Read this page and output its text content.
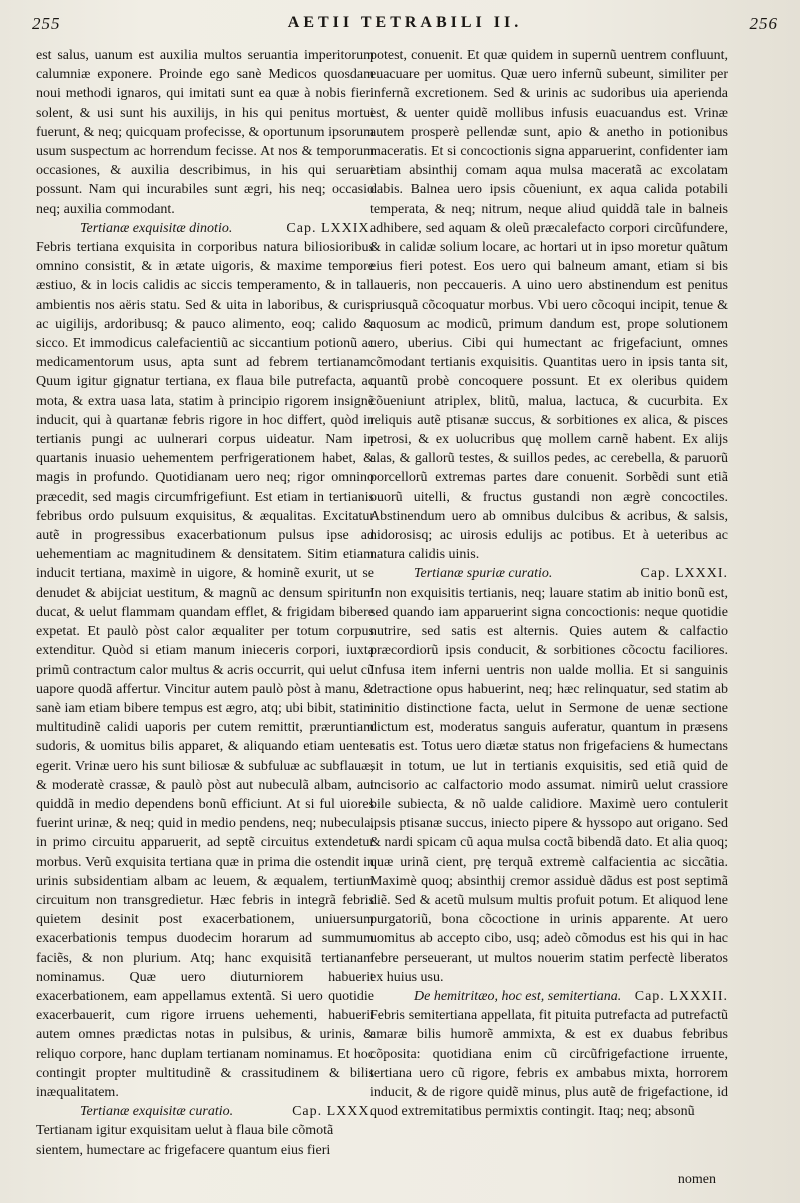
255	AETII TETRABILI II.	256

est salus, uanum est auxilia multos seruantia imperitorum calumniæ exponere. Proinde ego sanè Medicos quosdam noui methodi ignaros, qui imitati sunt ea quæ à nobis fieri solent, & usi sunt his auxilijs, in his qui penitus mortui fuerunt, & neq; quicquam profecisse, & oportunum ipsorum usum suspectum ac horrendum fecisse. At nos & temporum occasiones, & auxilia describimus, in his qui seruari possunt. Nam qui incurabiles sunt ægri, his neq; occasio neq; auxilia commodant.

Tertianæ exquisitæ dinotio.	Cap. LXXIX.

Febris tertiana exquisita in corporibus natura biliosioribus omnino consistit, & in ætate uigoris, & maxime tempore æstiuo, & in locis calidis ac siccis temperamento, & in tali ambientis nos aëris statu. Sed & uita in laboribus, & curis, ac uigilijs, ardoribusq; & pauco alimento, eoq; calido & sicco. Et immodicus calefacientiũ ac siccantium potionũ ac medicamentorum usus, apta sunt ad febrem tertianam. Quum igitur gignatur tertiana, ex flaua bile putrefacta, ac mota, & extra uasa lata, statim à principio rigorem insignẽ inducit, qui à quartanæ febris rigore in hoc differt, quòd in tertianis pungi ac uulnerari corpus uideatur. Nam in quartanis inuasio uehementem perfrigerationem habet, & magis in profundo. Quotidianam uero neq; rigor omnino præcedit, sed magis circumfrigefiunt. Est etiam in tertianis febribus ordo pulsuum exquisitus, & æqualitas. Excitatur autẽ in progressibus exacerbationum pulsus ipse ad uehementiam ac magnitudinem & densitatem. Sitim etiam inducit tertiana, maximè in uigore, & hominẽ exurit, ut se denudet & abijciat uestitum, & magnũ ac densum spiritum ducat, & uelut flammam quandam efflet, & frigidam bibere expetat. Et paulò pòst calor æqualiter per totum corpus extenditur. Quòd si etiam manum inieceris corpori, iuxta primũ contractum calor multus & acris occurrit, qui uelut cũ uapore quodã affertur. Vincitur autem paulò pòst à manu, & sanè iam etiam bibere tempus est ægro, atq; ubi bibit, statim multitudinẽ calidi uaporis per cutem remittit, præruntiam sudoris, & uomitus bilis apparet, & aliquando etiam uenter egerit. Vrinæ uero his sunt biliosæ & subfuluæ ac subflauæ, & moderatè crassæ, & paulò pòst aut nubeculã albam, aut quiddã in medio dependens bonũ efficiunt. At si ful uiores fuerint urinæ, & neq; quid in medio pendens, neq; nubecula, in primo circuitu apparuerit, ad septẽ circuitus extendetur morbus. Verũ exquisita tertiana quæ in prima die ostendit in urinis subsidentiam albam ac leuem, & æqualem, tertium circuitum non transgredietur. Hæc febris in integrã febris quietem desinit post exacerbationem, uniuersum exacerbationis tempus duodecim horarum ad summum faciẽs, & non plurium. Atq; hanc exquisitã tertianam nominamus. Quæ uero diuturniorem habuerit exacerbationem, eam appellamus extentã. Si uero quotidie exacerbauerit, cum rigore irruens uehementi, habuerit autem omnes prædictas notas in pulsibus, & urinis, & reliquo corpore, hanc duplam tertianam nominamus. Et hoc contingit propter multitudinẽ & crassitudinem & bilis inæqualitatem.

Tertianæ exquisitæ curatio.	Cap. LXXX.

Tertianam igitur exquisitam uelut à flaua bile cõmotã sientem, humectare ac frigefacere quantum eius fieri

potest, conuenit. Et quæ quidem in supernũ uentrem confluunt, euacuare per uomitus. Quæ uero infernũ subeunt, similiter per infernã excretionem. Sed & urinis ac sudoribus uia aperienda est, & uenter quidẽ mollibus infusis euacuandus est. Vrinæ autem prosperè pellendæ sunt, apio & anetho in potionibus maceratis. Et si concoctionis signa apparuerint, confidenter iam etiam absinthij comam aqua mulsa maceratã ac excolatam dabis. Balnea uero ipsis cõueniunt, ex aqua calida potabili temperata, & neq; nitrum, neque aliud quiddã tale in balneis adhibere, sed aquam & oleũ præcalefacto corpori circũfundere, & in calidæ solium locare, ac hortari ut in ipso moretur quãtum eius fieri potest. Eos uero qui balneum amant, etiam si bis laueris, non peccaueris. A uino uero abstinendum est penitus priusquã cõcoquatur morbus. Vbi uero cõcoqui incipit, tenue & aquosum ac modicũ, primum dandum est, prope solutionem uero, uberius. Cibi qui humectant ac frigefaciunt, omnes cõmodant tertianis exquisitis. Quantitas uero in ipsis tanta sit, quantũ probè concoquere possunt. Et ex oleribus quidem cõueniunt atriplex, blitũ, malua, lactuca, & cucurbita. Ex reliquis autẽ ptisanæ succus, & sorbitiones ex alica, & pisces petrosi, & ex uolucribus quę mollem carnẽ habent. Ex alijs alas, & gallorũ testes, & suillos pedes, ac cerebella, & paruorũ porcellorũ extremas partes dare conuenit. Sorbẽdi sunt etiã ouorũ uitelli, & fructus gustandi non ægrè concoctiles. Abstinendum uero ab omnibus dulcibus & acribus, & salsis, nidorosisq; ac uirosis edulijs ac potibus. Et à ueteribus ac natura calidis uinis.

Tertianæ spuriæ curatio.	Cap. LXXXI.

In non exquisitis tertianis, neq; lauare statim ab initio bonũ est, sed quando iam apparuerint signa concoctionis: neque quotidie nutrire, sed satis est alternis. Quies autem & calfactio præcordiorũ ipsis conducit, & sorbitiones cõcoctu faciliores. Infusa item inferni uentris non ualde mollia. Et si sanguinis detractione opus habuerint, neq; hæc relinquatur, sed statim ab initio distinctione facta, uelut in Sermone de uenæ sectione dictum est, moderatus sanguis auferatur, quantum in præsens satis est. Totus uero diætæ status non frigefaciens & humectans sit in totum, ue lut in tertianis exquisitis, sed etiã quid de incisorio ac calfactorio modo assumat. nimirũ uelut crassiore bile subiecta, & nõ ualde calidiore. Maximè uero contulerit ipsis ptisanæ succus, iniecto pipere & hyssopo aut origano. Sed & nardi spicam cũ aqua mulsa coctã bibendã dato. Et alia quoq; quæ urinã cient, prę terquã extremè calfacientia ac siccãtia. Maximè quoq; absinthij cremor assiduè dãdus est post septimã diẽ. Sed & acetũ mulsum multis profuit potum. Et aliquod lene purgatoriũ, bona cõcoctione in urinis apparente. At uero uomitus ab accepto cibo, usq; adeò cõmodus est his qui in hac febre perseuerant, ut multos nouerim statim perfectè liberatos ex huius usu.

De hemitritæo, hoc est, semitertiana. Cap. LXXXII.

Febris semitertiana appellata, fit pituita putrefacta ad putrefactũ amaræ bilis humorẽ ammixta, & est ex duabus febribus cõposita: quotidiana enim cũ circũfrigefactione irruente, tertiana uero cũ rigore, febris ex ambabus mixta, horrorem inducit, & de rigore quidẽ minus, plus autẽ de frigefactione, id quod extremitatibus permixtis contingit. Itaq; neq; absonũ

nomen
